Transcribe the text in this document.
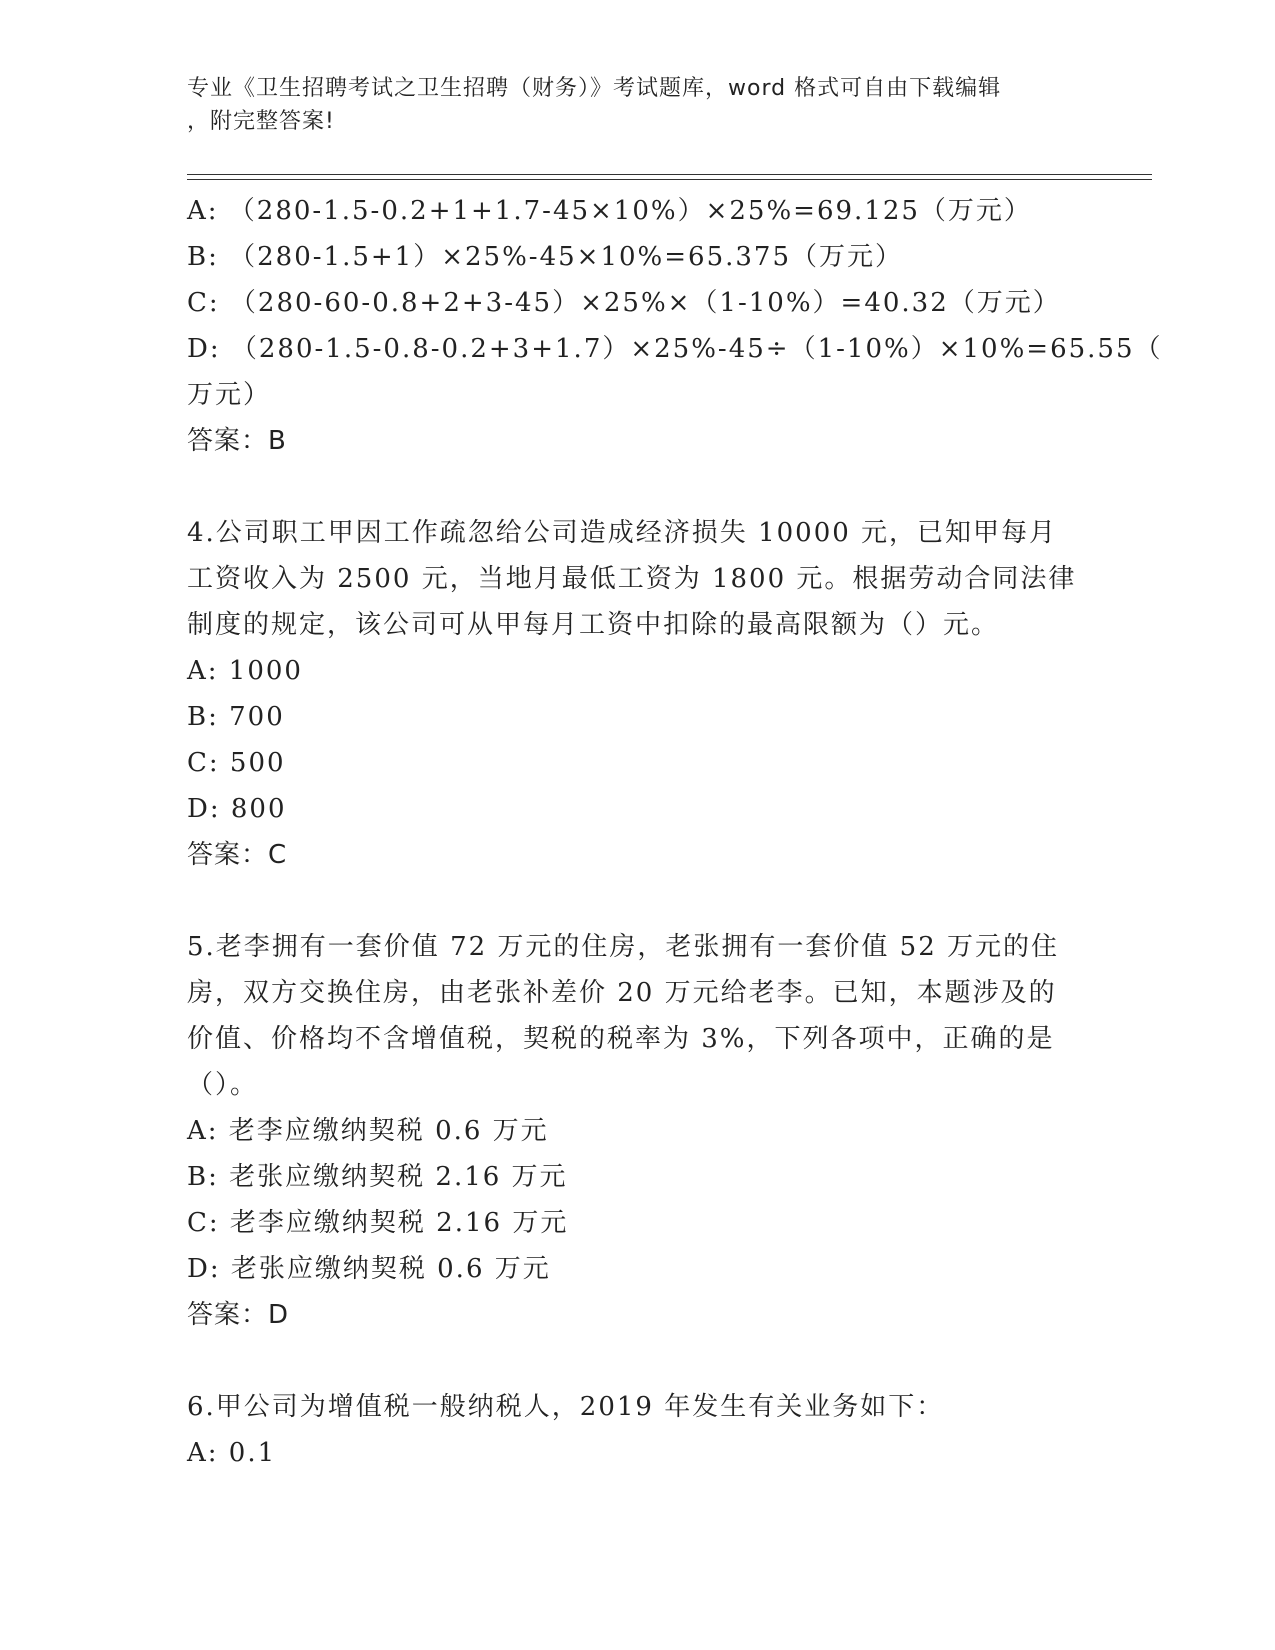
专业《卫生招聘考试之卫生招聘（财务）》考试题库，word 格式可自由下载编辑
，附完整答案!
A: （280-1.5-0.2+1+1.7-45×10%）×25%=69.125（万元）
B: （280-1.5+1）×25%-45×10%=65.375（万元）
C: （280-60-0.8+2+3-45）×25%×（1-10%）=40.32（万元）
D: （280-1.5-0.8-0.2+3+1.7）×25%-45÷（1-10%）×10%=65.55（
万元）
答案：B
4.公司职工甲因工作疏忽给公司造成经济损失 10000 元，已知甲每月
工资收入为 2500 元，当地月最低工资为 1800 元。根据劳动合同法律
制度的规定，该公司可从甲每月工资中扣除的最高限额为（）元。
A: 1000
B: 700
C: 500
D: 800
答案：C
5.老李拥有一套价值 72 万元的住房，老张拥有一套价值 52 万元的住
房，双方交换住房，由老张补差价 20 万元给老李。已知，本题涉及的
价值、价格均不含增值税，契税的税率为 3%，下列各项中，正确的是
（）。
A: 老李应缴纳契税 0.6 万元
B: 老张应缴纳契税 2.16 万元
C: 老李应缴纳契税 2.16 万元
D: 老张应缴纳契税 0.6 万元
答案：D
6.甲公司为增值税一般纳税人，2019 年发生有关业务如下：
A: 0.1
